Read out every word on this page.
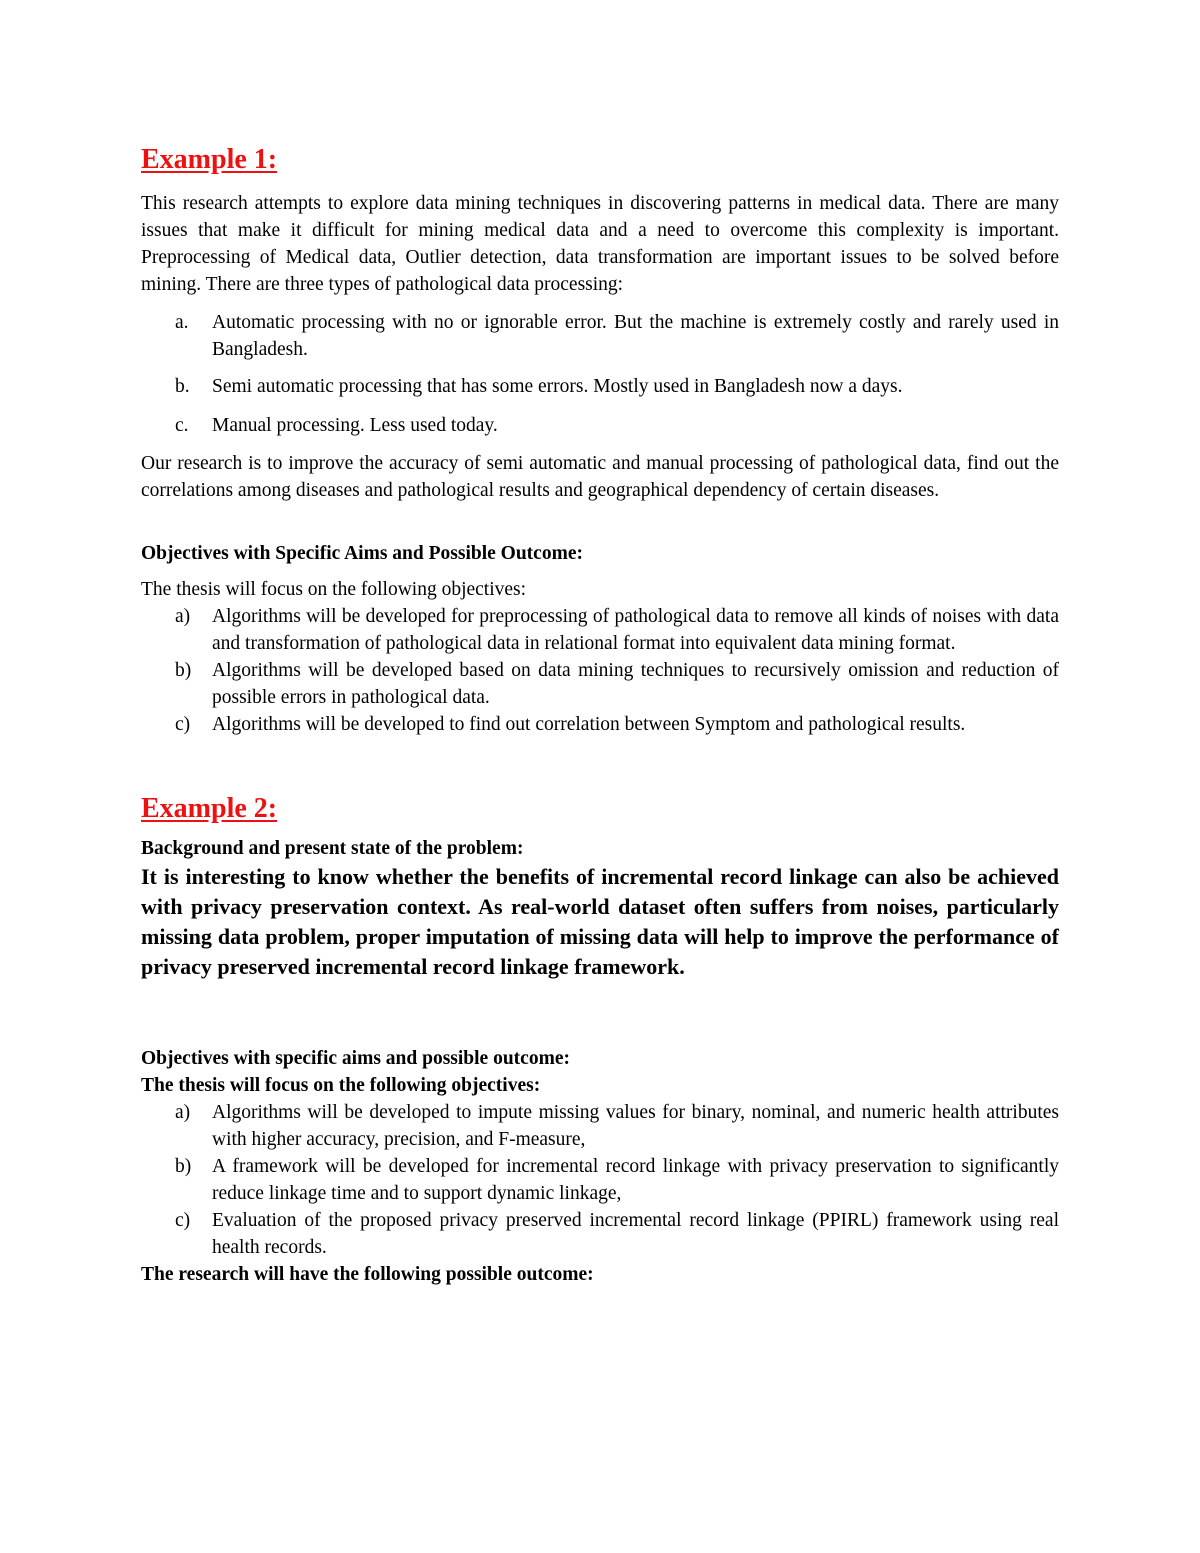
Example 1:

This research attempts to explore data mining techniques in discovering patterns in medical data. There are many issues that make it difficult for mining medical data and a need to overcome this complexity is important. Preprocessing of Medical data, Outlier detection, data transformation are important issues to be solved before mining. There are three types of pathological data processing:

a. Automatic processing with no or ignorable error. But the machine is extremely costly and rarely used in Bangladesh.
b. Semi automatic processing that has some errors. Mostly used in Bangladesh now a days.
c. Manual processing. Less used today.

Our research is to improve the accuracy of semi automatic and manual processing of pathological data, find out the correlations among diseases and pathological results and geographical dependency of certain diseases.

Objectives with Specific Aims and Possible Outcome:

The thesis will focus on the following objectives:

a) Algorithms will be developed for preprocessing of pathological data to remove all kinds of noises with data and transformation of pathological data in relational format into equivalent data mining format.
b) Algorithms will be developed based on data mining techniques to recursively omission and reduction of possible errors in pathological data.
c) Algorithms will be developed to find out correlation between Symptom and pathological results.
Example 2:

Background and present state of the problem:

It is interesting to know whether the benefits of incremental record linkage can also be achieved with privacy preservation context. As real-world dataset often suffers from noises, particularly missing data problem, proper imputation of missing data will help to improve the performance of privacy preserved incremental record linkage framework.

Objectives with specific aims and possible outcome:

The thesis will focus on the following objectives:

a) Algorithms will be developed to impute missing values for binary, nominal, and numeric health attributes with higher accuracy, precision, and F-measure,
b) A framework will be developed for incremental record linkage with privacy preservation to significantly reduce linkage time and to support dynamic linkage,
c) Evaluation of the proposed privacy preserved incremental record linkage (PPIRL) framework using real health records.

The research will have the following possible outcome:
